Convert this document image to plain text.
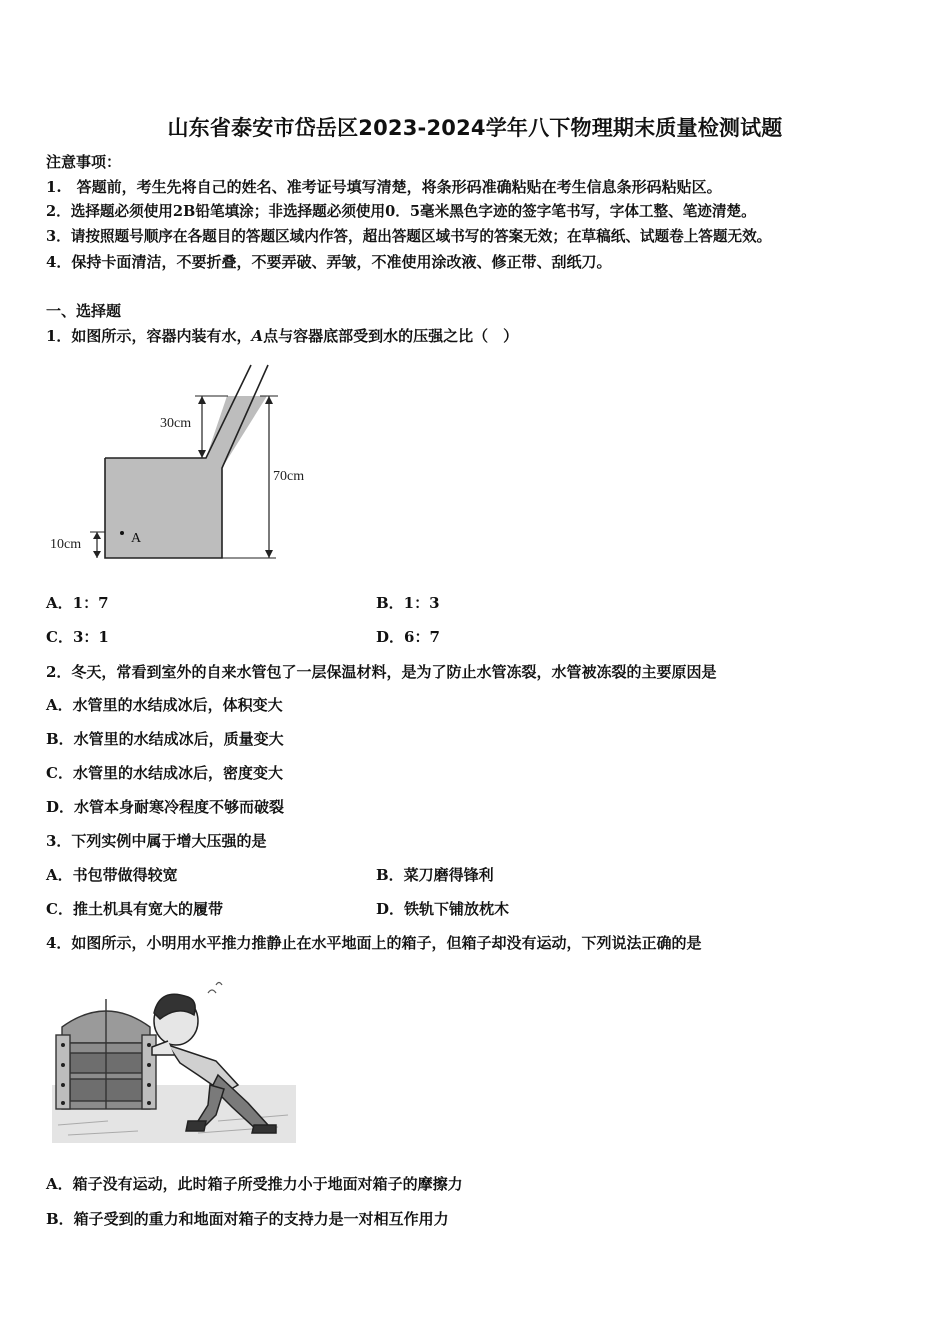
山东省泰安市岱岳区2023-2024学年八下物理期末质量检测试题
注意事项：
1.　答题前，考生先将自己的姓名、准考证号填写清楚，将条形码准确粘贴在考生信息条形码粘贴区。
2．选择题必须使用2B铅笔填涂；非选择题必须使用0．5毫米黑色字迹的签字笔书写，字体工整、笔迹清楚。
3．请按照题号顺序在各题目的答题区域内作答，超出答题区域书写的答案无效；在草稿纸、试题卷上答题无效。
4．保持卡面清洁，不要折叠，不要弄破、弄皱，不准使用涂改液、修正带、刮纸刀。
一、选择题
1．如图所示，容器内装有水，A点与容器底部受到水的压强之比（　）
30cm
70cm
10cm	A
A．1：7	B．1：3
C．3：1	D．6：7
2．冬天，常看到室外的自来水管包了一层保温材料，是为了防止水管冻裂，水管被冻裂的主要原因是
A．水管里的水结成冰后，体积变大
B．水管里的水结成冰后，质量变大
C．水管里的水结成冰后，密度变大
D．水管本身耐寒冷程度不够而破裂
3．下列实例中属于增大压强的是
A．书包带做得较宽	B．菜刀磨得锋利
C．推土机具有宽大的履带	D．铁轨下铺放枕木
4．如图所示，小明用水平推力推静止在水平地面上的箱子，但箱子却没有运动，下列说法正确的是
A．箱子没有运动，此时箱子所受推力小于地面对箱子的摩擦力
B．箱子受到的重力和地面对箱子的支持力是一对相互作用力
